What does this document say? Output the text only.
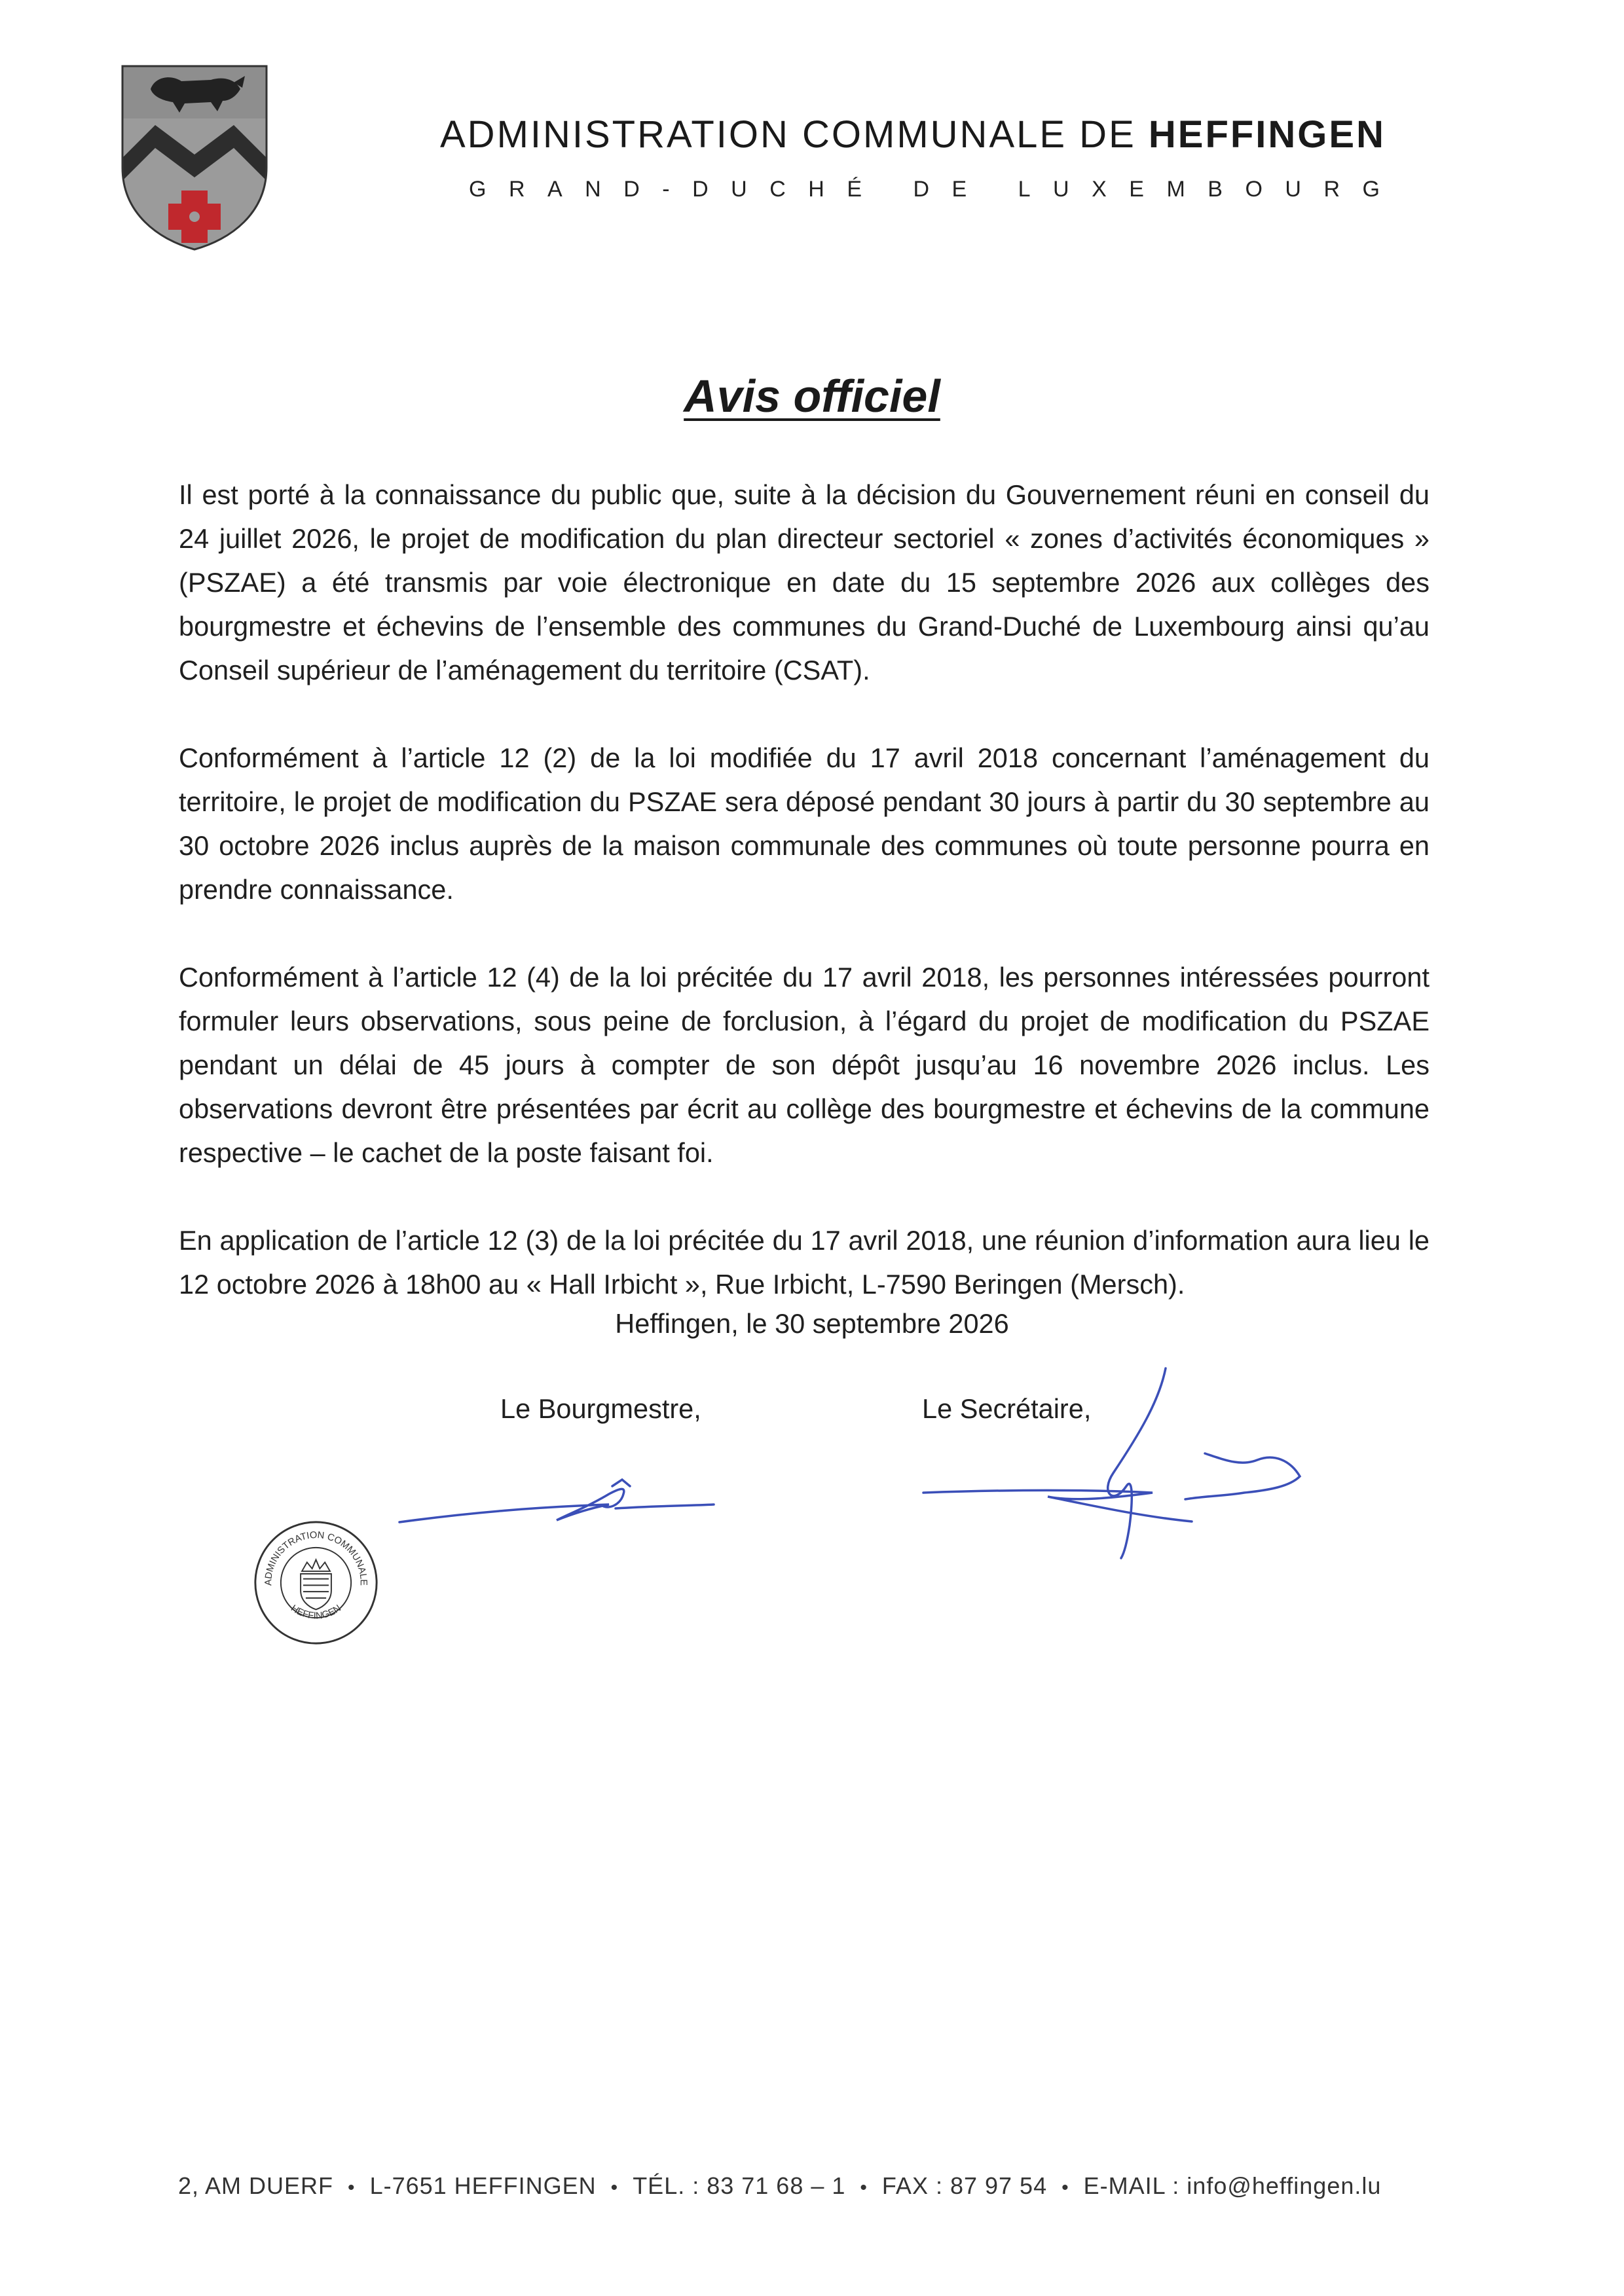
ADMINISTRATION COMMUNALE DE HEFFINGEN
GRAND-DUCHÉ DE LUXEMBOURG
Avis officiel

Il est porté à la connaissance du public que, suite à la décision du Gouvernement réuni en conseil du 24 juillet 2026, le projet de modification du plan directeur sectoriel « zones d’activités économiques » (PSZAE) a été transmis par voie électronique en date du 15 septembre 2026 aux collèges des bourgmestre et échevins de l’ensemble des communes du Grand-Duché de Luxembourg ainsi qu’au Conseil supérieur de l’aménagement du territoire (CSAT).

Conformément à l’article 12 (2) de la loi modifiée du 17 avril 2018 concernant l’aménagement du territoire, le projet de modification du PSZAE sera déposé pendant 30 jours à partir du 30 septembre au 30 octobre 2026 inclus auprès de la maison communale des communes où toute personne pourra en prendre connaissance.

Conformément à l’article 12 (4) de la loi précitée du 17 avril 2018, les personnes intéressées pourront formuler leurs observations, sous peine de forclusion, à l’égard du projet de modification du PSZAE pendant un délai de 45 jours à compter de son dépôt jusqu’au 16 novembre 2026 inclus. Les observations devront être présentées par écrit au collège des bourgmestre et échevins de la commune respective – le cachet de la poste faisant foi.

En application de l’article 12 (3) de la loi précitée du 17 avril 2018, une réunion d’information aura lieu le 12 octobre 2026 à 18h00 au « Hall Irbicht », Rue Irbicht, L-7590 Beringen (Mersch).

Heffingen, le 30 septembre 2026
Le Bourgmestre,	Le Secrétaire,
ADMINISTRATION COMMUNALE
HEFFINGEN
2, AM DUERF • L-7651 HEFFINGEN • TÉL. : 83 71 68 – 1 • FAX : 87 97 54 • E-MAIL : info@heffingen.lu
